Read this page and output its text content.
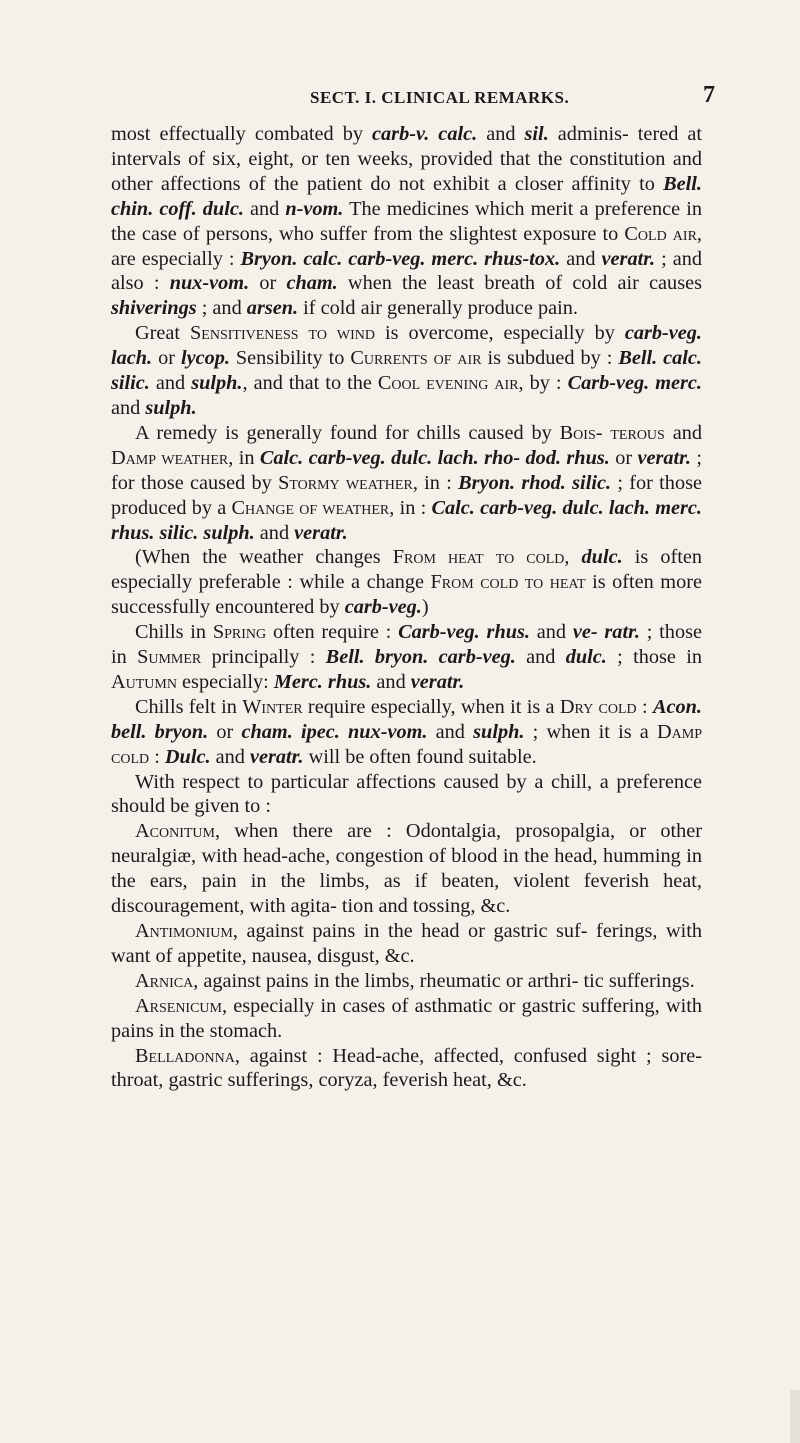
SECT. I. CLINICAL REMARKS.	7

most effectually combated by carb-v. calc. and sil. adminis- tered at intervals of six, eight, or ten weeks, provided that the constitution and other affections of the patient do not exhibit a closer affinity to Bell. chin. coff. dulc. and n-vom. The medicines which merit a preference in the case of persons, who suffer from the slightest exposure to Cold air, are especially : Bryon. calc. carb-veg. merc. rhus-tox. and veratr. ; and also : nux-vom. or cham. when the least breath of cold air causes shiverings ; and arsen. if cold air generally produce pain.

Great Sensitiveness to wind is overcome, especially by carb-veg. lach. or lycop. Sensibility to Currents of air is subdued by : Bell. calc. silic. and sulph., and that to the Cool evening air, by : Carb-veg. merc. and sulph.

A remedy is generally found for chills caused by Bois- terous and Damp weather, in Calc. carb-veg. dulc. lach. rho- dod. rhus. or veratr. ; for those caused by Stormy weather, in : Bryon. rhod. silic. ; for those produced by a Change of weather, in : Calc. carb-veg. dulc. lach. merc. rhus. silic. sulph. and veratr.

(When the weather changes From heat to cold, dulc. is often especially preferable : while a change From cold to heat is often more successfully encountered by carb-veg.)

Chills in Spring often require : Carb-veg. rhus. and ve- ratr. ; those in Summer principally : Bell. bryon. carb-veg. and dulc. ; those in Autumn especially: Merc. rhus. and veratr.

Chills felt in Winter require especially, when it is a Dry cold : Acon. bell. bryon. or cham. ipec. nux-vom. and sulph. ; when it is a Damp cold : Dulc. and veratr. will be often found suitable.

With respect to particular affections caused by a chill, a preference should be given to :

Aconitum, when there are : Odontalgia, prosopalgia, or other neuralgiæ, with head-ache, congestion of blood in the head, humming in the ears, pain in the limbs, as if beaten, violent feverish heat, discouragement, with agita- tion and tossing, &c.

Antimonium, against pains in the head or gastric suf- ferings, with want of appetite, nausea, disgust, &c.

Arnica, against pains in the limbs, rheumatic or arthri- tic sufferings.

Arsenicum, especially in cases of asthmatic or gastric suffering, with pains in the stomach.

Belladonna, against : Head-ache, affected, confused sight ; sore-throat, gastric sufferings, coryza, feverish heat, &c.
